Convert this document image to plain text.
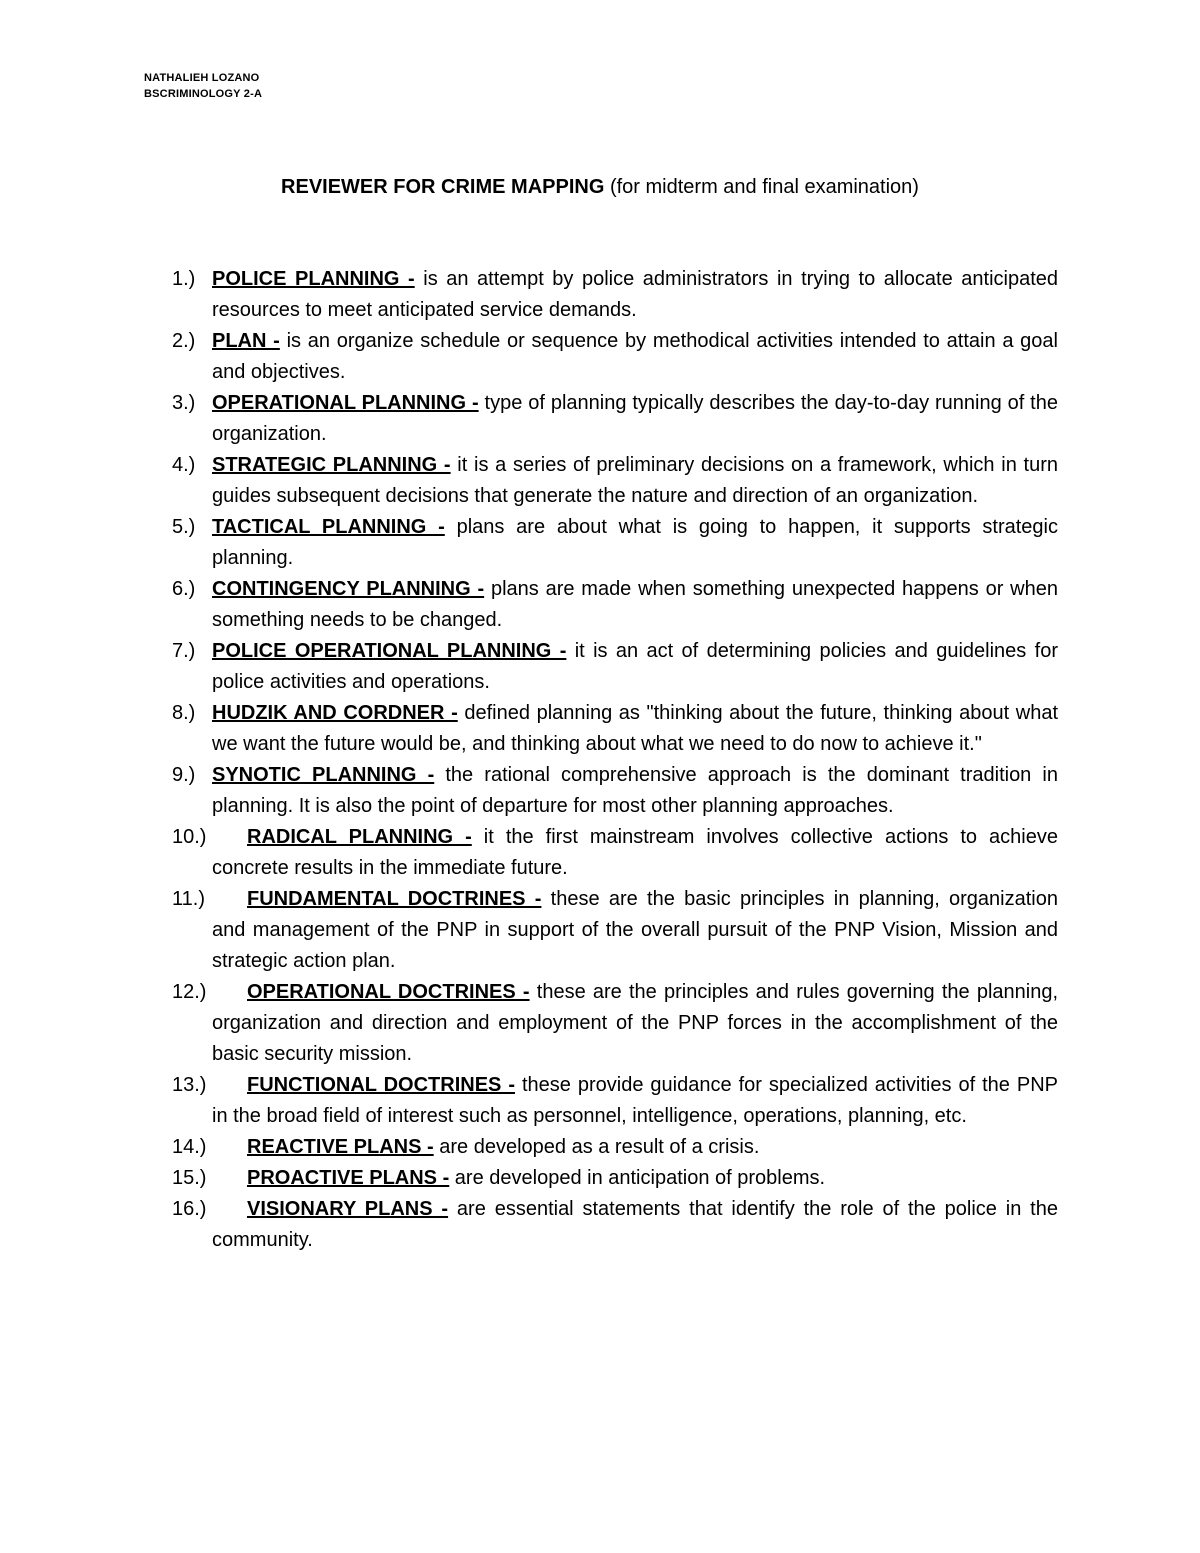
NATHALIEH LOZANO
BSCRIMINOLOGY 2-A
REVIEWER FOR CRIME MAPPING (for midterm and final examination)
1.) POLICE PLANNING - is an attempt by police administrators in trying to allocate anticipated resources to meet anticipated service demands.
2.) PLAN - is an organize schedule or sequence by methodical activities intended to attain a goal and objectives.
3.) OPERATIONAL PLANNING - type of planning typically describes the day-to-day running of the organization.
4.) STRATEGIC PLANNING - it is a series of preliminary decisions on a framework, which in turn guides subsequent decisions that generate the nature and direction of an organization.
5.) TACTICAL PLANNING - plans are about what is going to happen, it supports strategic planning.
6.) CONTINGENCY PLANNING - plans are made when something unexpected happens or when something needs to be changed.
7.) POLICE OPERATIONAL PLANNING - it is an act of determining policies and guidelines for police activities and operations.
8.) HUDZIK AND CORDNER - defined planning as "thinking about the future, thinking about what we want the future would be, and thinking about what we need to do now to achieve it."
9.) SYNOTIC PLANNING - the rational comprehensive approach is the dominant tradition in planning. It is also the point of departure for most other planning approaches.
10.)	RADICAL PLANNING - it the first mainstream involves collective actions to achieve concrete results in the immediate future.
11.)	FUNDAMENTAL DOCTRINES - these are the basic principles in planning, organization and management of the PNP in support of the overall pursuit of the PNP Vision, Mission and strategic action plan.
12.)	OPERATIONAL DOCTRINES - these are the principles and rules governing the planning, organization and direction and employment of the PNP forces in the accomplishment of the basic security mission.
13.)	FUNCTIONAL DOCTRINES - these provide guidance for specialized activities of the PNP in the broad field of interest such as personnel, intelligence, operations, planning, etc.
14.)	REACTIVE PLANS - are developed as a result of a crisis.
15.)	PROACTIVE PLANS - are developed in anticipation of problems.
16.)	VISIONARY PLANS - are essential statements that identify the role of the police in the community.
